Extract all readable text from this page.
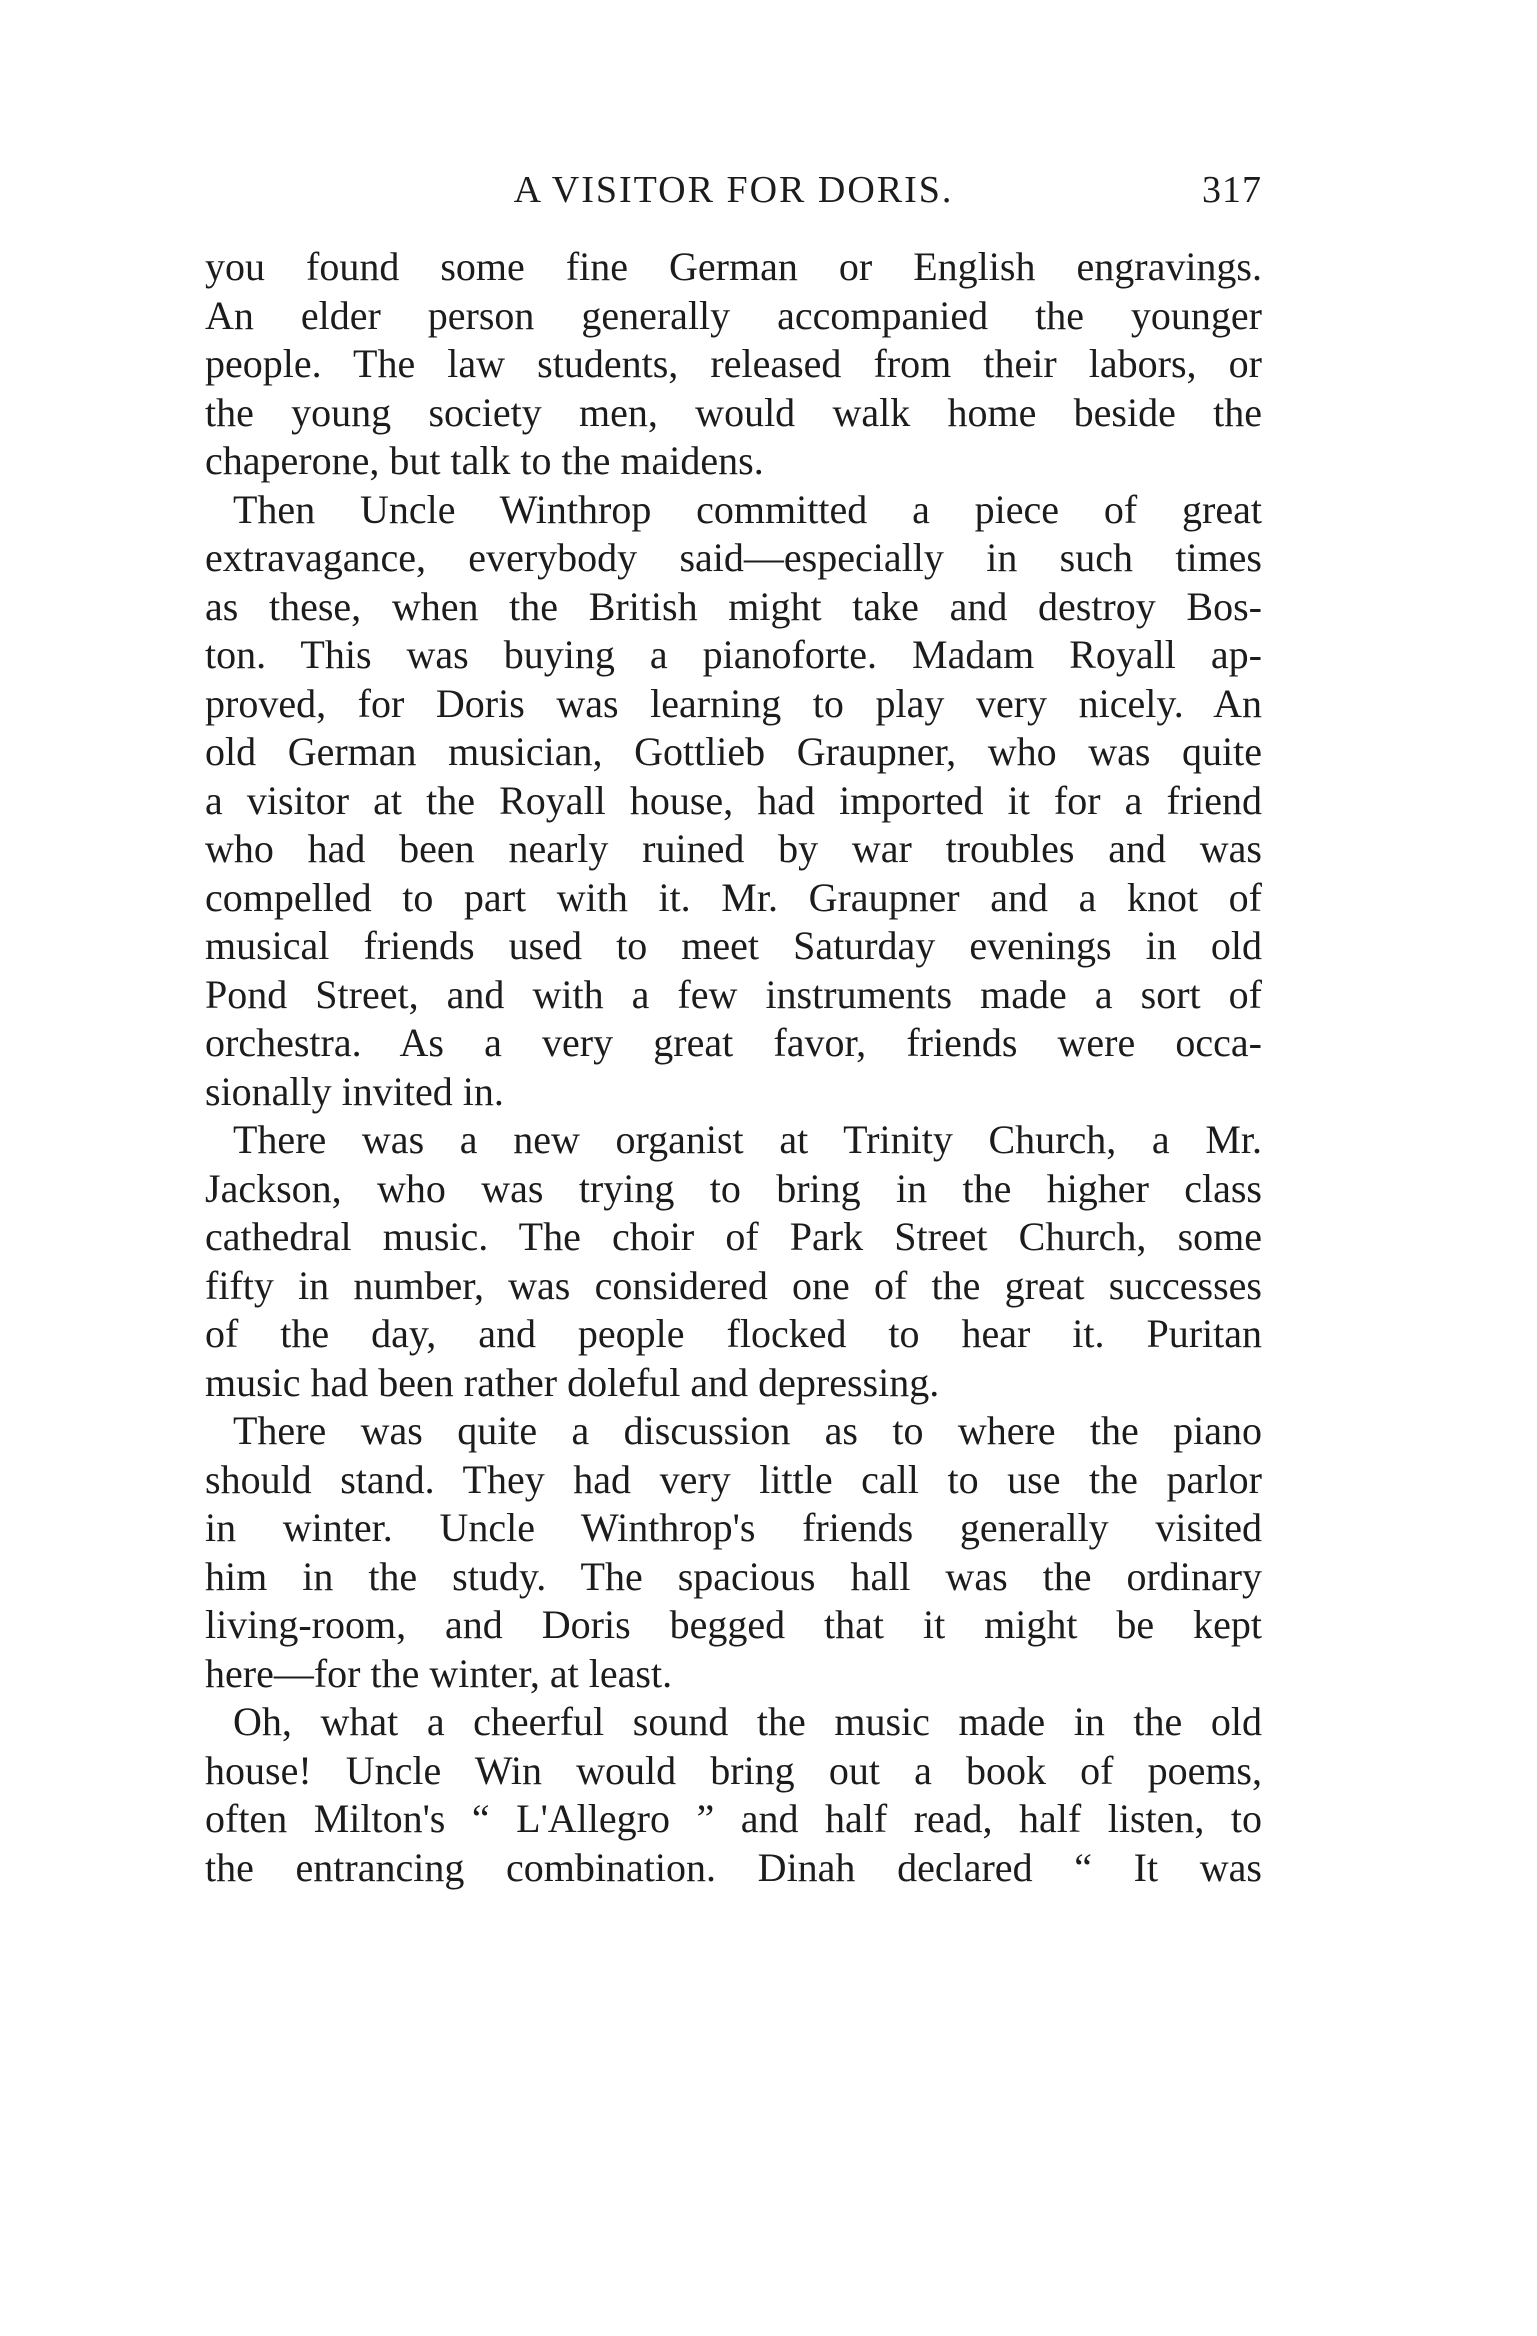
A VISITOR FOR DORIS.	317
you found some fine German or English engravings.
An elder person generally accompanied the younger
people. The law students, released from their labors, or
the young society men, would walk home beside the
chaperone, but talk to the maidens.
Then Uncle Winthrop committed a piece of great
extravagance, everybody said—especially in such times
as these, when the British might take and destroy Bos-
ton. This was buying a pianoforte. Madam Royall ap-
proved, for Doris was learning to play very nicely. An
old German musician, Gottlieb Graupner, who was quite
a visitor at the Royall house, had imported it for a friend
who had been nearly ruined by war troubles and was
compelled to part with it. Mr. Graupner and a knot of
musical friends used to meet Saturday evenings in old
Pond Street, and with a few instruments made a sort of
orchestra. As a very great favor, friends were occa-
sionally invited in.
There was a new organist at Trinity Church, a Mr.
Jackson, who was trying to bring in the higher class
cathedral music. The choir of Park Street Church, some
fifty in number, was considered one of the great successes
of the day, and people flocked to hear it. Puritan
music had been rather doleful and depressing.
There was quite a discussion as to where the piano
should stand. They had very little call to use the parlor
in winter. Uncle Winthrop's friends generally visited
him in the study. The spacious hall was the ordinary
living-room, and Doris begged that it might be kept
here—for the winter, at least.
Oh, what a cheerful sound the music made in the old
house! Uncle Win would bring out a book of poems,
often Milton's “ L'Allegro ” and half read, half listen, to
the entrancing combination. Dinah declared “ It was
